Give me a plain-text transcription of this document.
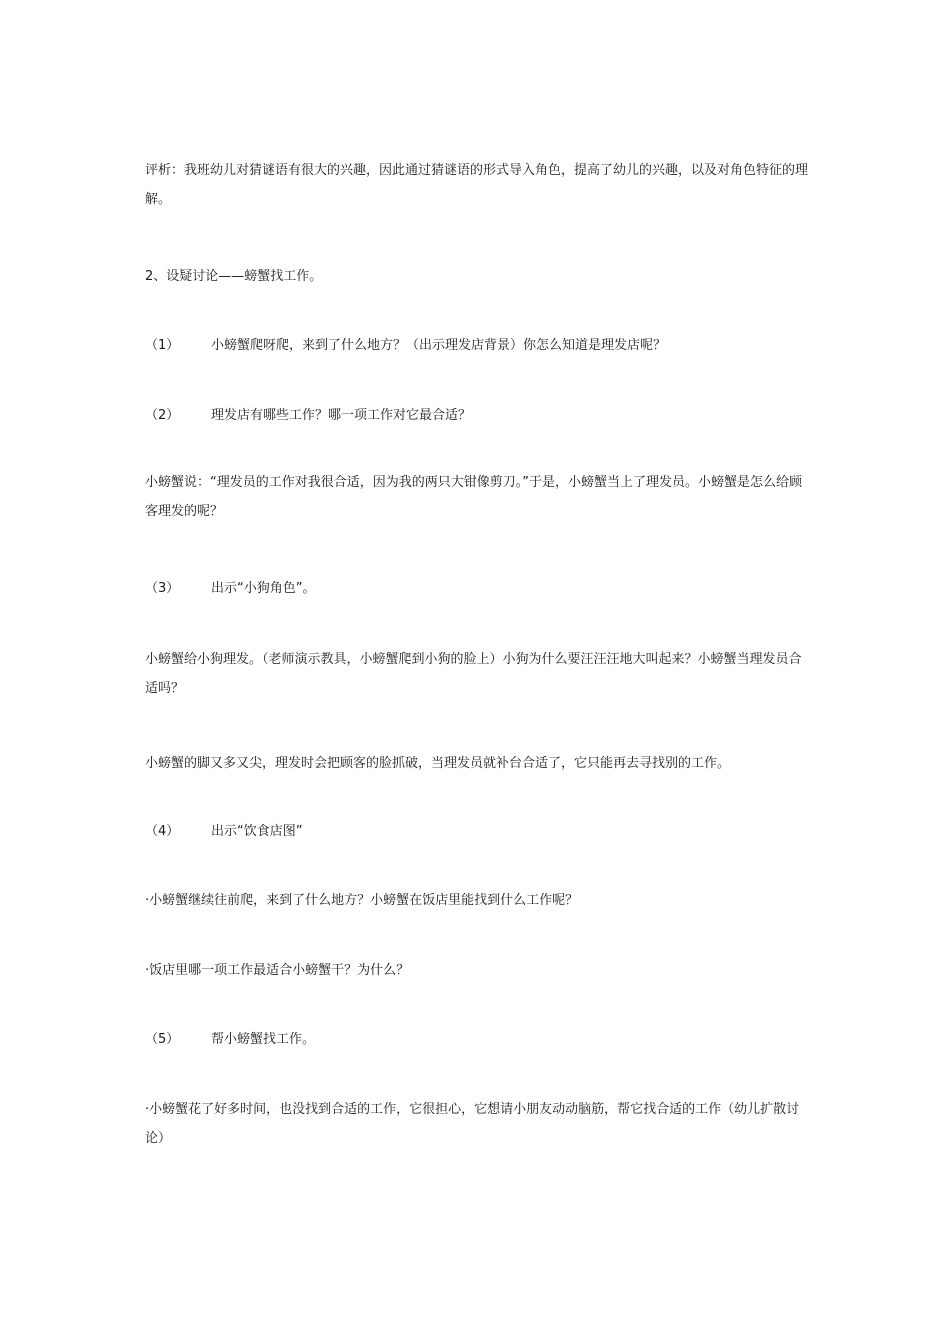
评析：我班幼儿对猜谜语有很大的兴趣，因此通过猜谜语的形式导入角色，提高了幼儿的兴趣，以及对角色特征的理解。

2、设疑讨论——螃蟹找工作。

（1） 小螃蟹爬呀爬，来到了什么地方？（出示理发店背景）你怎么知道是理发店呢？

（2） 理发店有哪些工作？哪一项工作对它最合适？

小螃蟹说：“理发员的工作对我很合适，因为我的两只大钳像剪刀。”于是，小螃蟹当上了理发员。小螃蟹是怎么给顾客理发的呢？

（3） 出示“小狗角色”。

小螃蟹给小狗理发。（老师演示教具，小螃蟹爬到小狗的脸上）小狗为什么要汪汪汪地大叫起来？小螃蟹当理发员合适吗？

小螃蟹的脚又多又尖，理发时会把顾客的脸抓破，当理发员就补台合适了，它只能再去寻找别的工作。

（4） 出示“饮食店图”

·小螃蟹继续往前爬，来到了什么地方？小螃蟹在饭店里能找到什么工作呢？

·饭店里哪一项工作最适合小螃蟹干？为什么？

（5） 帮小螃蟹找工作。

·小螃蟹花了好多时间，也没找到合适的工作，它很担心，它想请小朋友动动脑筋，帮它找合适的工作（幼儿扩散讨论）
